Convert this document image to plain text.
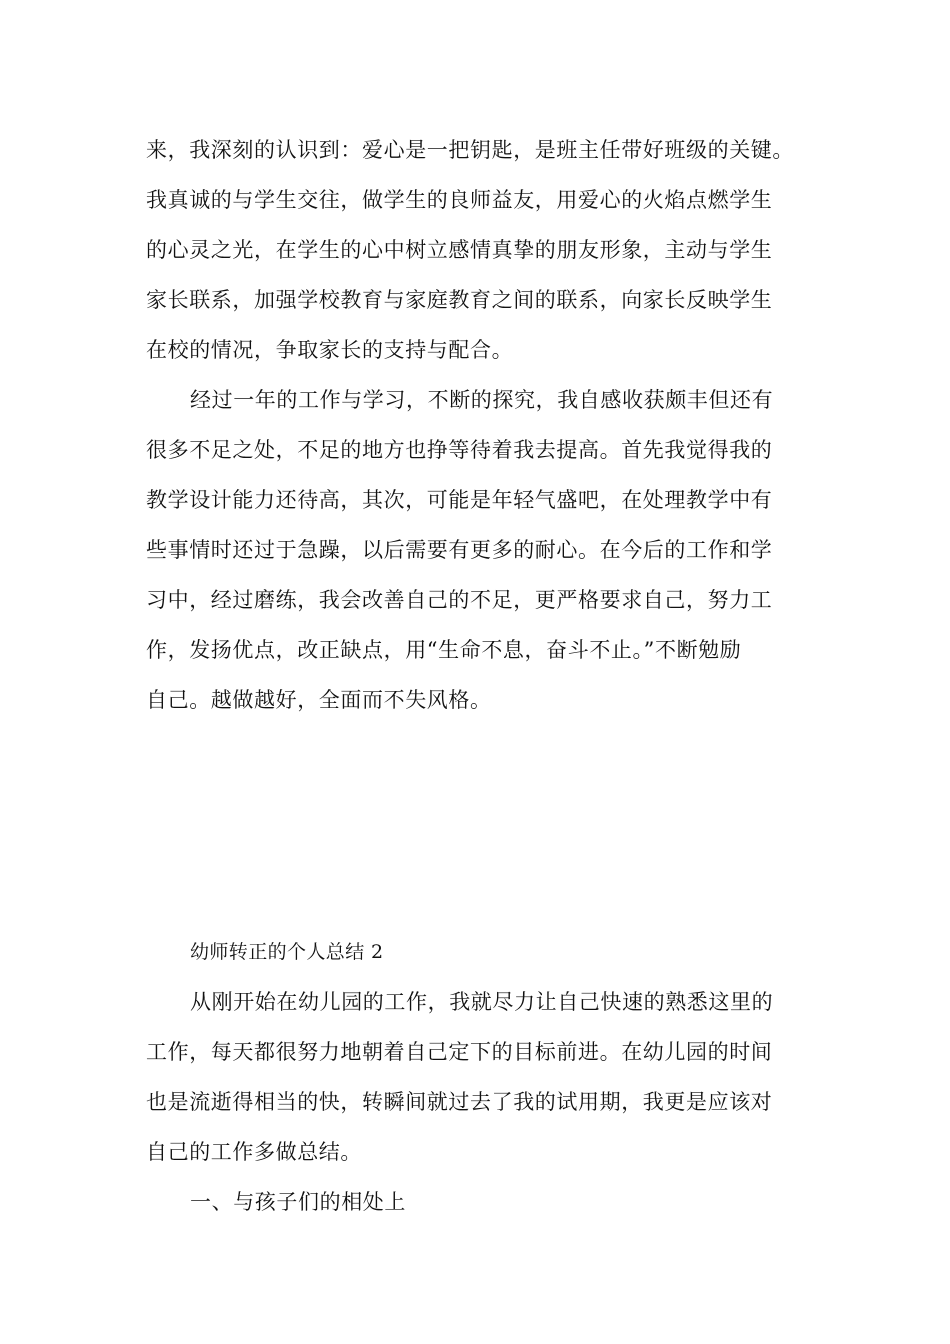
来，我深刻的认识到：爱心是一把钥匙，是班主任带好班级的关键。
我真诚的与学生交往，做学生的良师益友，用爱心的火焰点燃学生
的心灵之光，在学生的心中树立感情真挚的朋友形象，主动与学生
家长联系，加强学校教育与家庭教育之间的联系，向家长反映学生
在校的情况，争取家长的支持与配合。
经过一年的工作与学习，不断的探究，我自感收获颇丰但还有
很多不足之处，不足的地方也挣等待着我去提高。首先我觉得我的
教学设计能力还待高，其次，可能是年轻气盛吧，在处理教学中有
些事情时还过于急躁，以后需要有更多的耐心。在今后的工作和学
习中，经过磨练，我会改善自己的不足，更严格要求自己，努力工
作，发扬优点，改正缺点，用“生命不息，奋斗不止。”不断勉励
自己。越做越好，全面而不失风格。
幼师转正的个人总结 2
从刚开始在幼儿园的工作，我就尽力让自己快速的熟悉这里的
工作，每天都很努力地朝着自己定下的目标前进。在幼儿园的时间
也是流逝得相当的快，转瞬间就过去了我的试用期，我更是应该对
自己的工作多做总结。
一、与孩子们的相处上
